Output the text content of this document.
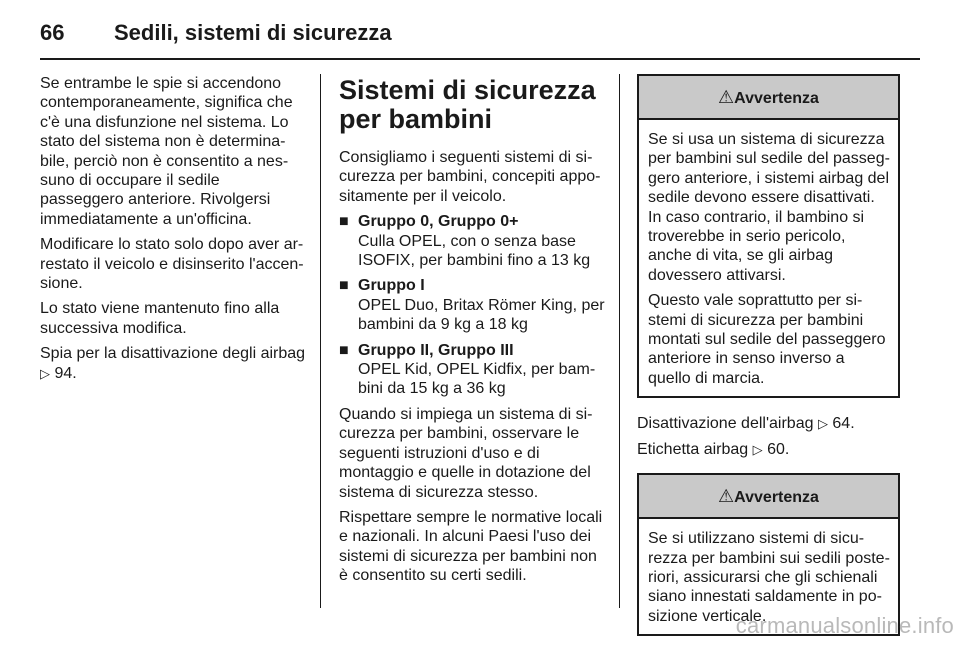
66 Sedili, sistemi di sicurezza

Se entrambe le spie si accendono contemporaneamente, significa che c'è una disfunzione nel sistema. Lo stato del sistema non è determinabile, perciò non è consentito a nessuno di occupare il sedile passeggero anteriore. Rivolgersi immediatamente a un'officina.

Modificare lo stato solo dopo aver arrestato il veicolo e disinserito l'accensione.

Lo stato viene mantenuto fino alla successiva modifica.

Spia per la disattivazione degli airbag
▷ 94.

Sistemi di sicurezza per bambini

Consigliamo i seguenti sistemi di sicurezza per bambini, concepiti appositamente per il veicolo.

■ Gruppo 0, Gruppo 0+
Culla OPEL, con o senza base ISOFIX, per bambini fino a 13 kg
■ Gruppo I
OPEL Duo, Britax Römer King, per bambini da 9 kg a 18 kg
■ Gruppo II, Gruppo III
OPEL Kid, OPEL Kidfix, per bambini da 15 kg a 36 kg

Quando si impiega un sistema di sicurezza per bambini, osservare le seguenti istruzioni d'uso e di montaggio e quelle in dotazione del sistema di sicurezza stesso.

Rispettare sempre le normative locali e nazionali. In alcuni Paesi l'uso dei sistemi di sicurezza per bambini non è consentito su certi sedili.

⚠Avvertenza

Se si usa un sistema di sicurezza per bambini sul sedile del passeggero anteriore, i sistemi airbag del sedile devono essere disattivati. In caso contrario, il bambino si troverebbe in serio pericolo, anche di vita, se gli airbag dovessero attivarsi.

Questo vale soprattutto per sistemi di sicurezza per bambini montati sul sedile del passeggero anteriore in senso inverso a quello di marcia.

Disattivazione dell'airbag ▷ 64.

Etichetta airbag ▷ 60.

⚠Avvertenza

Se si utilizzano sistemi di sicurezza per bambini sui sedili posteriori, assicurarsi che gli schienali siano innestati saldamente in posizione verticale.

carmanualsonline.info
